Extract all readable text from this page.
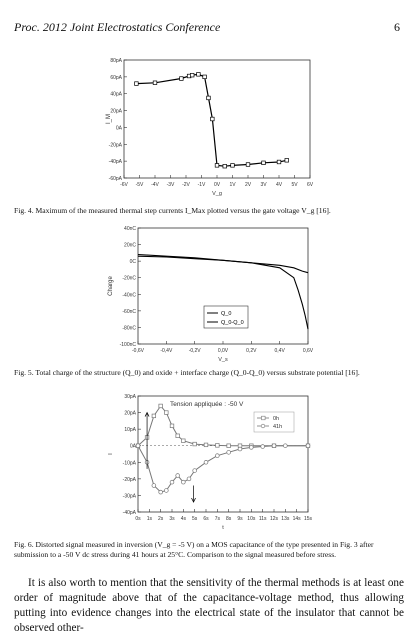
Proc. 2012 Joint Electrostatics Conference	6
-60pA
-40pA
-20pA
0A
20pA
40pA
60pA
80pA
-6V -5V -4V -3V -2V -1V 0V 1V 2V 3V 4V 5V 6V
V_g
I_M
Fig. 4. Maximum of the measured thermal step currents I_Max plotted versus the gate voltage V_g [16].
-100nC
-80nC
-60nC
-40nC
-20nC
0C
20nC
40nC
-0,6V	-0,4V	-0,2V	0,0V	0,2V	0,4V	0,6V
V_s
Charge
Q_0
Q_0-Q_0
Fig. 5. Total charge of the structure (Q_0) and oxide + interface charge (Q_0-Q_0) versus substrate potential [16].
-40pA
-30pA
-20pA
-10pA
0A
10pA
20pA
30pA
0s 1s 2s 3s 4s 5s 6s 7s 8s 9s 10s 11s 12s 13s 14s 15s
t
I
Tension appliquée : -50 V
0h
41h
Fig. 6. Distorted signal measured in inversion (V_g = -5 V) on a MOS capacitance of the type presented in Fig. 3 after submission to a -50 V dc stress during 41 hours at 25°C. Comparison to the signal measured before stress.
It is also worth to mention that the sensitivity of the thermal methods is at least one order of magnitude above that of the capacitance-voltage method, thus allowing putting into evidence changes into the electrical state of the insulator that cannot be observed other-
